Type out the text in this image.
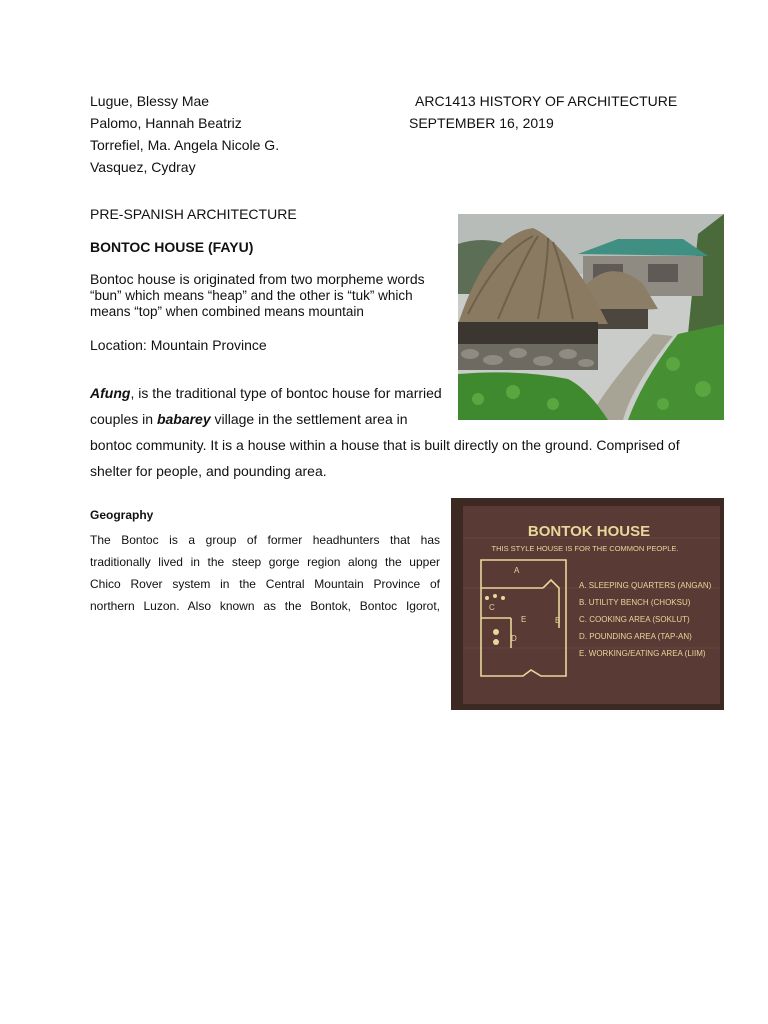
Lugue, Blessy Mae
Palomo, Hannah Beatriz
Torrefiel, Ma. Angela Nicole G.
Vasquez, Cydray
ARC1413 HISTORY OF ARCHITECTURE
SEPTEMBER 16, 2019
PRE-SPANISH ARCHITECTURE
BONTOC HOUSE (FAYU)
Bontoc house is originated from two morpheme words
“bun” which means “heap” and the other is “tuk” which
means “top” when combined means mountain
Location: Mountain Province
Afung, is the traditional type of bontoc house for married
couples in babarey village in the settlement area in
bontoc community. It is a house within a house that is built directly on the ground. Comprised of
shelter for people, and pounding area.
Geography
The Bontoc is a group of former headhunters that has
traditionally lived in the steep gorge region along the upper
Chico Rover system in the Central Mountain Province of
northern Luzon. Also known as the Bontok, Bontoc Igorot,
BONTOK HOUSE
THIS STYLE HOUSE IS FOR THE COMMON PEOPLE.
A
B
C
D
E
A. SLEEPING QUARTERS (ANGAN)
B. UTILITY BENCH (CHOKSU)
C. COOKING AREA (SOKLUT)
D. POUNDING AREA (TAP-AN)
E. WORKING/EATING AREA (LIIM)
